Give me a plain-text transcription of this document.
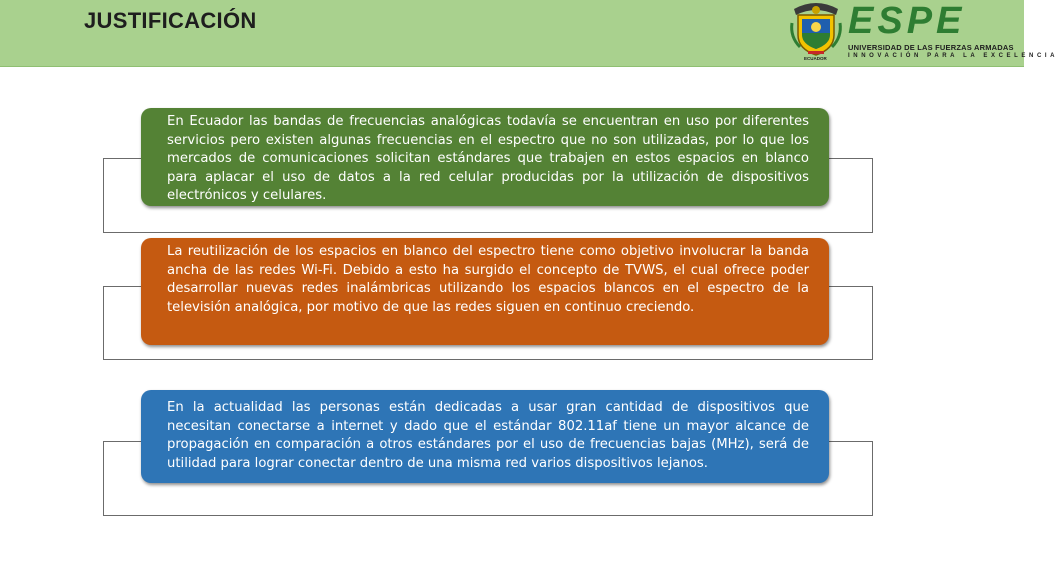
JUSTIFICACIÓN
ECUADOR
ESPE
UNIVERSIDAD DE LAS FUERZAS ARMADAS
INNOVACIÓN PARA LA EXCELENCIA

En Ecuador las bandas de frecuencias analógicas todavía se encuentran en uso por diferentes servicios pero existen algunas frecuencias en el espectro que no son utilizadas, por lo que los mercados de comunicaciones solicitan estándares que trabajen en estos espacios en blanco para aplacar el uso de datos a la red celular producidas por la utilización de dispositivos electrónicos y celulares.

La reutilización de los espacios en blanco del espectro tiene como objetivo involucrar la banda ancha de las redes Wi-Fi. Debido a esto ha surgido el concepto de TVWS, el cual ofrece poder desarrollar nuevas redes inalámbricas utilizando los espacios blancos en el espectro de la televisión analógica, por motivo de que las redes siguen en continuo creciendo.

En la actualidad las personas están dedicadas a usar gran cantidad de dispositivos que necesitan conectarse a internet y dado que el estándar 802.11af tiene un mayor alcance de propagación en comparación a otros estándares por el uso de frecuencias bajas (MHz), será de utilidad para lograr conectar dentro de una misma red varios dispositivos lejanos.
